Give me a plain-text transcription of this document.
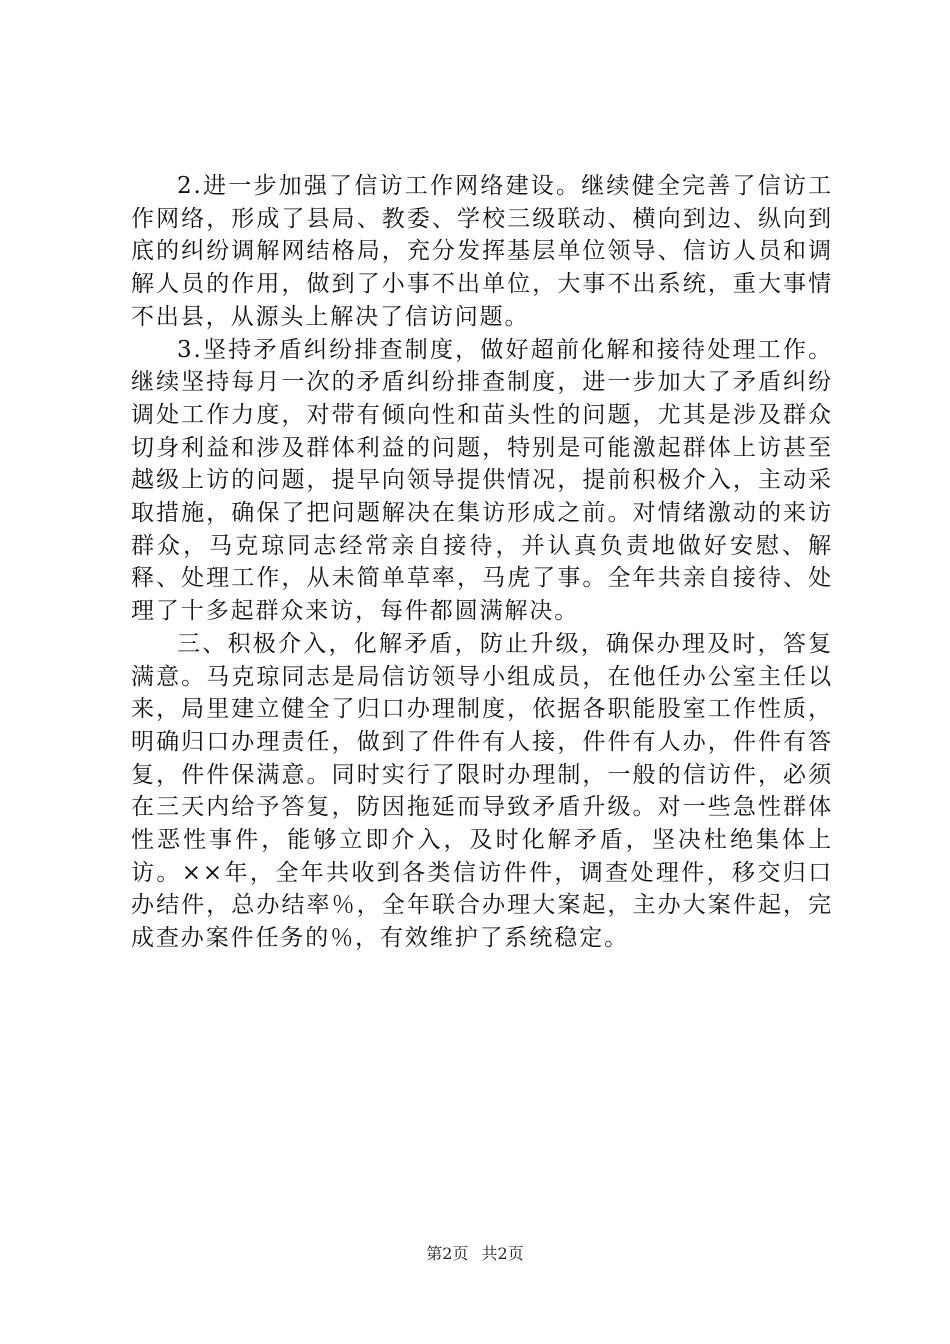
2.进一步加强了信访工作网络建设。继续健全完善了信访工作网络，形成了县局、教委、学校三级联动、横向到边、纵向到底的纠纷调解网结格局，充分发挥基层单位领导、信访人员和调解人员的作用，做到了小事不出单位，大事不出系统，重大事情不出县，从源头上解决了信访问题。

3.坚持矛盾纠纷排查制度，做好超前化解和接待处理工作。继续坚持每月一次的矛盾纠纷排查制度，进一步加大了矛盾纠纷调处工作力度，对带有倾向性和苗头性的问题，尤其是涉及群众切身利益和涉及群体利益的问题，特别是可能激起群体上访甚至越级上访的问题，提早向领导提供情况，提前积极介入，主动采取措施，确保了把问题解决在集访形成之前。对情绪激动的来访群众，马克琼同志经常亲自接待，并认真负责地做好安慰、解释、处理工作，从未简单草率，马虎了事。全年共亲自接待、处理了十多起群众来访，每件都圆满解决。

三、积极介入，化解矛盾，防止升级，确保办理及时，答复满意。马克琼同志是局信访领导小组成员，在他任办公室主任以来，局里建立健全了归口办理制度，依据各职能股室工作性质，明确归口办理责任，做到了件件有人接，件件有人办，件件有答复，件件保满意。同时实行了限时办理制，一般的信访件，必须在三天内给予答复，防因拖延而导致矛盾升级。对一些急性群体性恶性事件，能够立即介入，及时化解矛盾，坚决杜绝集体上访。××年，全年共收到各类信访件件，调查处理件，移交归口办结件，总办结率％，全年联合办理大案起，主办大案件起，完成查办案件任务的％，有效维护了系统稳定。

第2页 共2页
